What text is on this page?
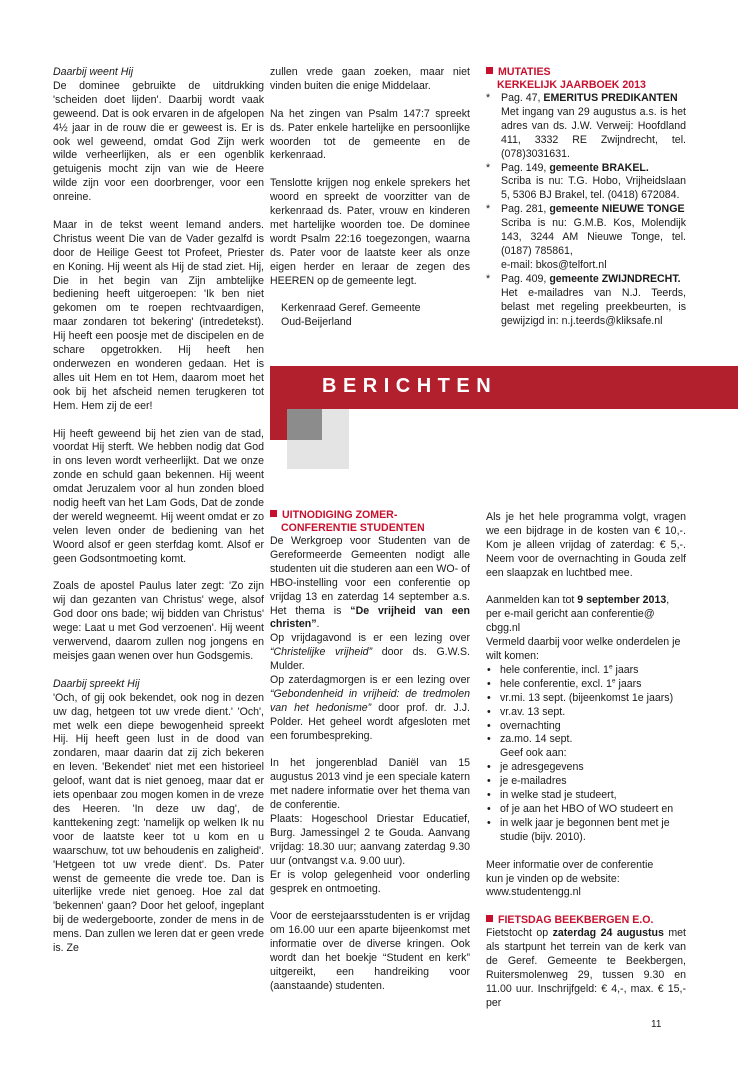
Daarbij weent Hij

De dominee gebruikte de uitdrukking 'scheiden doet lijden'. Daarbij wordt vaak geweend. Dat is ook ervaren in de afgelopen 4½ jaar in de rouw die er geweest is. Er is ook wel geweend, omdat God Zijn werk wilde verheerlijken, als er een ogenblik getuigenis mocht zijn van wie de Heere wilde zijn voor een doorbrenger, voor een onreine.

Maar in de tekst weent Iemand anders. Christus weent Die van de Vader gezalfd is door de Heilige Geest tot Profeet, Priester en Koning. Hij weent als Hij de stad ziet. Hij, Die in het begin van Zijn ambtelijke bediening heeft uitgeroepen: 'Ik ben niet gekomen om te roepen rechtvaardigen, maar zondaren tot bekering' (intredetekst). Hij heeft een poosje met de discipelen en de schare opgetrokken. Hij heeft hen onderwezen en wonderen gedaan. Het is alles uit Hem en tot Hem, daarom moet het ook bij het afscheid nemen terugkeren tot Hem. Hem zij de eer!

Hij heeft geweend bij het zien van de stad, voordat Hij sterft. We hebben nodig dat God in ons leven wordt verheerlijkt. Dat we onze zonde en schuld gaan bekennen. Hij weent omdat Jeruzalem voor al hun zonden bloed nodig heeft van het Lam Gods, Dat de zonde der wereld wegneemt. Hij weent omdat er zo velen leven onder de bediening van het Woord alsof er geen sterfdag komt. Alsof er geen Godsontmoeting komt.

Zoals de apostel Paulus later zegt: 'Zo zijn wij dan gezanten van Christus' wege, alsof God door ons bade; wij bidden van Christus' wege: Laat u met God verzoenen'. Hij weent verwervend, daarom zullen nog jongens en meisjes gaan wenen over hun Godsgemis.

Daarbij spreekt Hij

'Och, of gij ook bekendet, ook nog in dezen uw dag, hetgeen tot uw vrede dient.' 'Och', met welk een diepe bewogenheid spreekt Hij. Hij heeft geen lust in de dood van zondaren, maar daarin dat zij zich bekeren en leven. 'Bekendet' niet met een historieel geloof, want dat is niet genoeg, maar dat er iets openbaar zou mogen komen in de vreze des Heeren. 'In deze uw dag', de kanttekening zegt: 'namelijk op welken Ik nu voor de laatste keer tot u kom en u waarschuw, tot uw behoudenis en zaligheid'. 'Hetgeen tot uw vrede dient'. Ds. Pater wenst de gemeente die vrede toe. Dan is uiterlijke vrede niet genoeg. Hoe zal dat 'bekennen' gaan? Door het geloof, ingeplant bij de wedergeboorte, zonder de mens in de mens. Dan zullen we leren dat er geen vrede is. Ze

zullen vrede gaan zoeken, maar niet vinden buiten die enige Middelaar.

Na het zingen van Psalm 147:7 spreekt ds. Pater enkele hartelijke en persoonlijke woorden tot de gemeente en de kerkenraad.

Tenslotte krijgen nog enkele sprekers het woord en spreekt de voorzitter van de kerkenraad ds. Pater, vrouw en kinderen met hartelijke woorden toe. De dominee wordt Psalm 22:16 toegezongen, waarna ds. Pater voor de laatste keer als onze eigen herder en leraar de zegen des HEEREN op de gemeente legt.

Kerkenraad Geref. Gemeente

Oud-Beijerland

MUTATIES
KERKELIJK JAARBOEK 2013
* Pag. 47, EMERITUS PREDIKANTEN
Met ingang van 29 augustus a.s. is het adres van ds. J.W. Verweij: Hoofdland 411, 3332 RE Zwijndrecht, tel. (078)3031631.
* Pag. 149, gemeente BRAKEL.
Scriba is nu: T.G. Hobo, Vrijheidslaan 5, 5306 BJ Brakel, tel. (0418) 672084.
* Pag. 281, gemeente NIEUWE TONGE
Scriba is nu: G.M.B. Kos, Molendijk 143, 3244 AM Nieuwe Tonge, tel. (0187) 785861,
e-mail: bkos@telfort.nl
* Pag. 409, gemeente ZWIJNDRECHT.
Het e-mailadres van N.J. Teerds, belast met regeling preekbeurten, is gewijzigd in: n.j.teerds@kliksafe.nl
BERICHTEN
UITNODIGING ZOMER-
CONFERENTIE STUDENTEN

De Werkgroep voor Studenten van de Gereformeerde Gemeenten nodigt alle studenten uit die studeren aan een WO- of HBO-instelling voor een conferentie op vrijdag 13 en zaterdag 14 september a.s. Het thema is “De vrijheid van een christen”.

Op vrijdagavond is er een lezing over “Christelijke vrijheid” door ds. G.W.S. Mulder.

Op zaterdagmorgen is er een lezing over “Gebondenheid in vrijheid: de tredmolen van het hedonisme” door prof. dr. J.J. Polder. Het geheel wordt afgesloten met een forumbespreking.

In het jongerenblad Daniël van 15 augustus 2013 vind je een speciale katern met nadere informatie over het thema van de conferentie.

Plaats: Hogeschool Driestar Educatief, Burg. Jamessingel 2 te Gouda. Aanvang vrijdag: 18.30 uur; aanvang zaterdag 9.30 uur (ontvangst v.a. 9.00 uur).

Er is volop gelegenheid voor onderling gesprek en ontmoeting.

Voor de eerstejaarsstudenten is er vrijdag om 16.00 uur een aparte bijeenkomst met informatie over de diverse kringen. Ook wordt dan het boekje “Student en kerk” uitgereikt, een handreiking voor (aanstaande) studenten.

Als je het hele programma volgt, vragen we een bijdrage in de kosten van € 10,-. Kom je alleen vrijdag of zaterdag: € 5,-. Neem voor de overnachting in Gouda zelf een slaapzak en luchtbed mee.

Aanmelden kan tot 9 september 2013, per e-mail gericht aan conferentie@ cbgg.nl

Vermeld daarbij voor welke onderdelen je wilt komen:

• hele conferentie, incl. 1e jaars
• hele conferentie, excl. 1e jaars
• vr.mi. 13 sept. (bijeenkomst 1e jaars)
• vr.av. 13 sept.
• overnachting
• za.mo. 14 sept.

Geef ook aan:

• je adresgegevens
• je e-mailadres
• in welke stad je studeert,
• of je aan het HBO of WO studeert en
• in welk jaar je begonnen bent met je studie (bijv. 2010).

Meer informatie over de conferentie

kun je vinden op de website:

www.studentengg.nl

FIETSDAG BEEKBERGEN E.O.

Fietstocht op zaterdag 24 augustus met als startpunt het terrein van de kerk van de Geref. Gemeente te Beekbergen, Ruitersmolenweg 29, tussen 9.30 en 11.00 uur. Inschrijfgeld: € 4,-, max. € 15,- per

11
